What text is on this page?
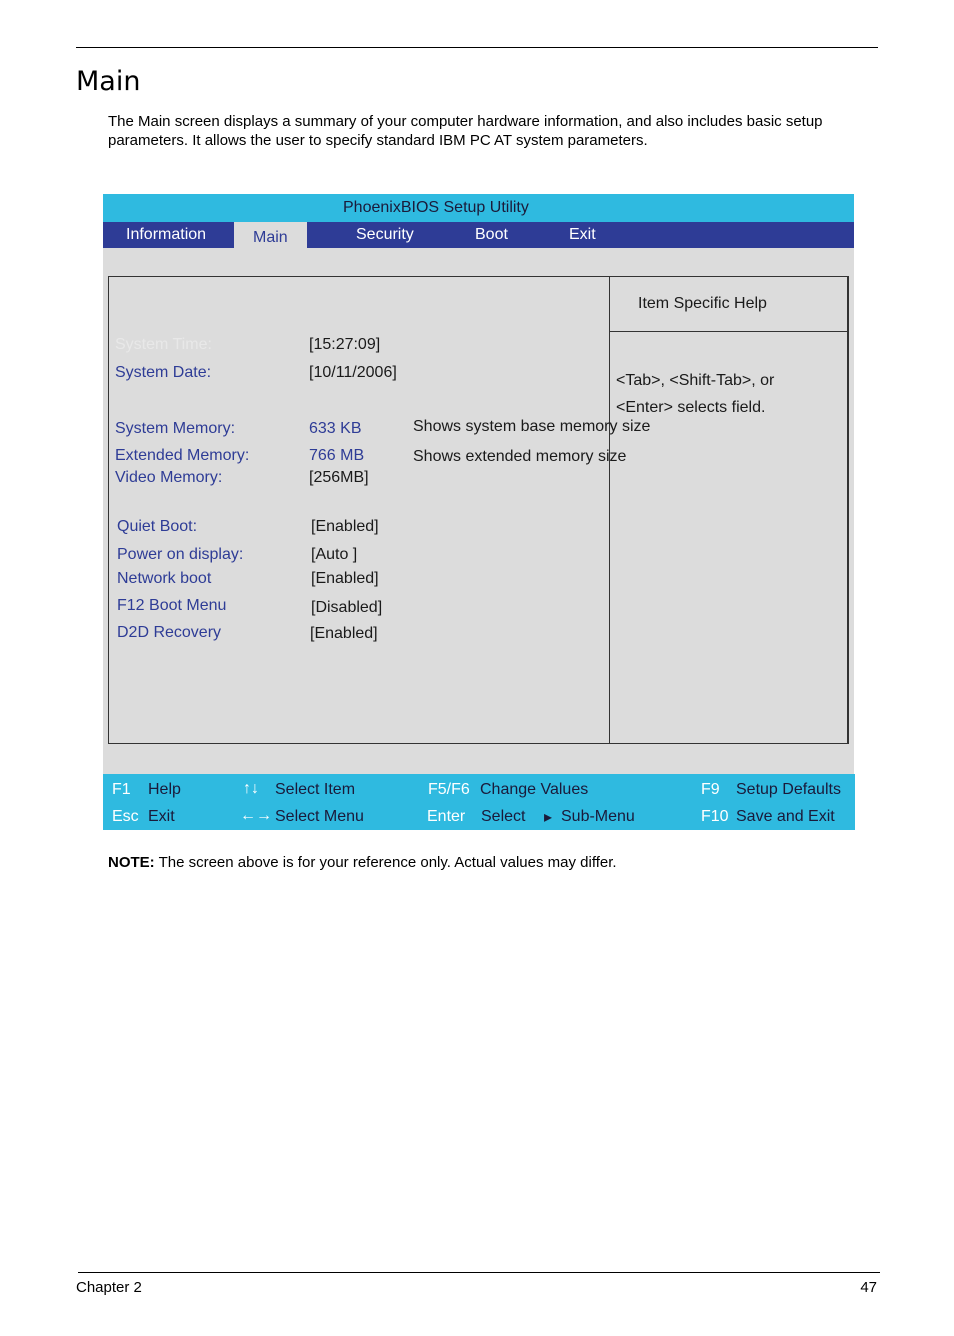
Main
The Main screen displays a summary of your computer hardware information, and also includes basic setup parameters. It allows the user to specify standard IBM PC AT system parameters.
PhoenixBIOS Setup Utility
Information	Main	Security	Boot	Exit
System Time:	[15:27:09]
System Date:	[10/11/2006]
System Memory:	633 KB	Shows system base memory size
Extended Memory:	766 MB	Shows extended memory size
Video Memory:	[256MB]
Quiet Boot:	[Enabled]
Power on display:	[Auto ]
Network boot	[Enabled]
F12 Boot Menu	[Disabled]
D2D Recovery	[Enabled]
Item Specific Help
<Tab>, <Shift-Tab>, or
<Enter> selects field.
F1 Help	↑↓ Select Item	F5/F6 Change Values	F9 Setup Defaults
Esc Exit	←→ Select Menu	Enter Select ▸ Sub-Menu	F10 Save and Exit
NOTE: The screen above is for your reference only. Actual values may differ.
Chapter 2	47
